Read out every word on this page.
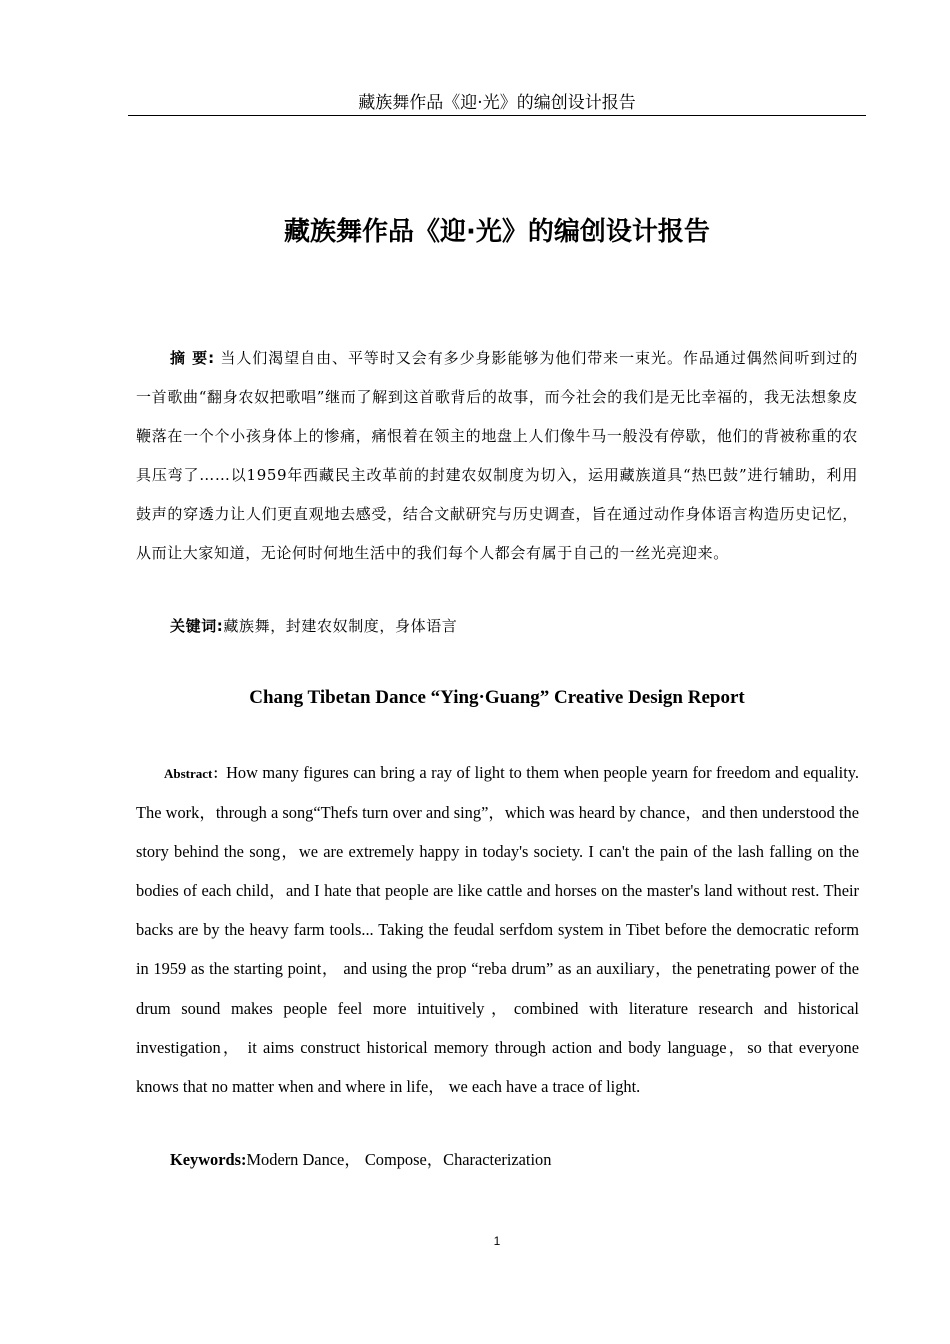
藏族舞作品《迎·光》的编创设计报告
藏族舞作品《迎·光》的编创设计报告

摘 要: 当人们渴望自由、平等时又会有多少身影能够为他们带来一束光。作品通过偶然间听到过的一首歌曲“翻身农奴把歌唱”继而了解到这首歌背后的故事，而今社会的我们是无比幸福的，我无法想象皮鞭落在一个个小孩身体上的惨痛，痛恨着在领主的地盘上人们像牛马一般没有停歇，他们的背被称重的农具压弯了……以1959年西藏民主改革前的封建农奴制度为切入，运用藏族道具“热巴鼓”进行辅助，利用鼓声的穿透力让人们更直观地去感受，结合文献研究与历史调查，旨在通过动作身体语言构造历史记忆，从而让大家知道，无论何时何地生活中的我们每个人都会有属于自己的一丝光亮迎来。

关键词:藏族舞，封建农奴制度，身体语言

Chang Tibetan Dance “Ying·Guang” Creative Design Report

Abstract：How many figures can bring a ray of light to them when people yearn for freedom and equality. The work，through a song“Thefs turn over and sing”，which was heard by chance，and then understood the story behind the song，we are extremely happy in today's society. I can't the pain of the lash falling on the bodies of each child，and I hate that people are like cattle and horses on the master's land without rest. Their backs are by the heavy farm tools... Taking the feudal serfdom system in Tibet before the democratic reform in 1959 as the starting point， and using the prop “reba drum” as an auxiliary，the penetrating power of the drum sound makes people feel more intuitively，combined with literature research and historical investigation， it aims construct historical memory through action and body language，so that everyone knows that no matter when and where in life， we each have a trace of light.

Keywords:Modern Dance， Compose，Characterization

1
